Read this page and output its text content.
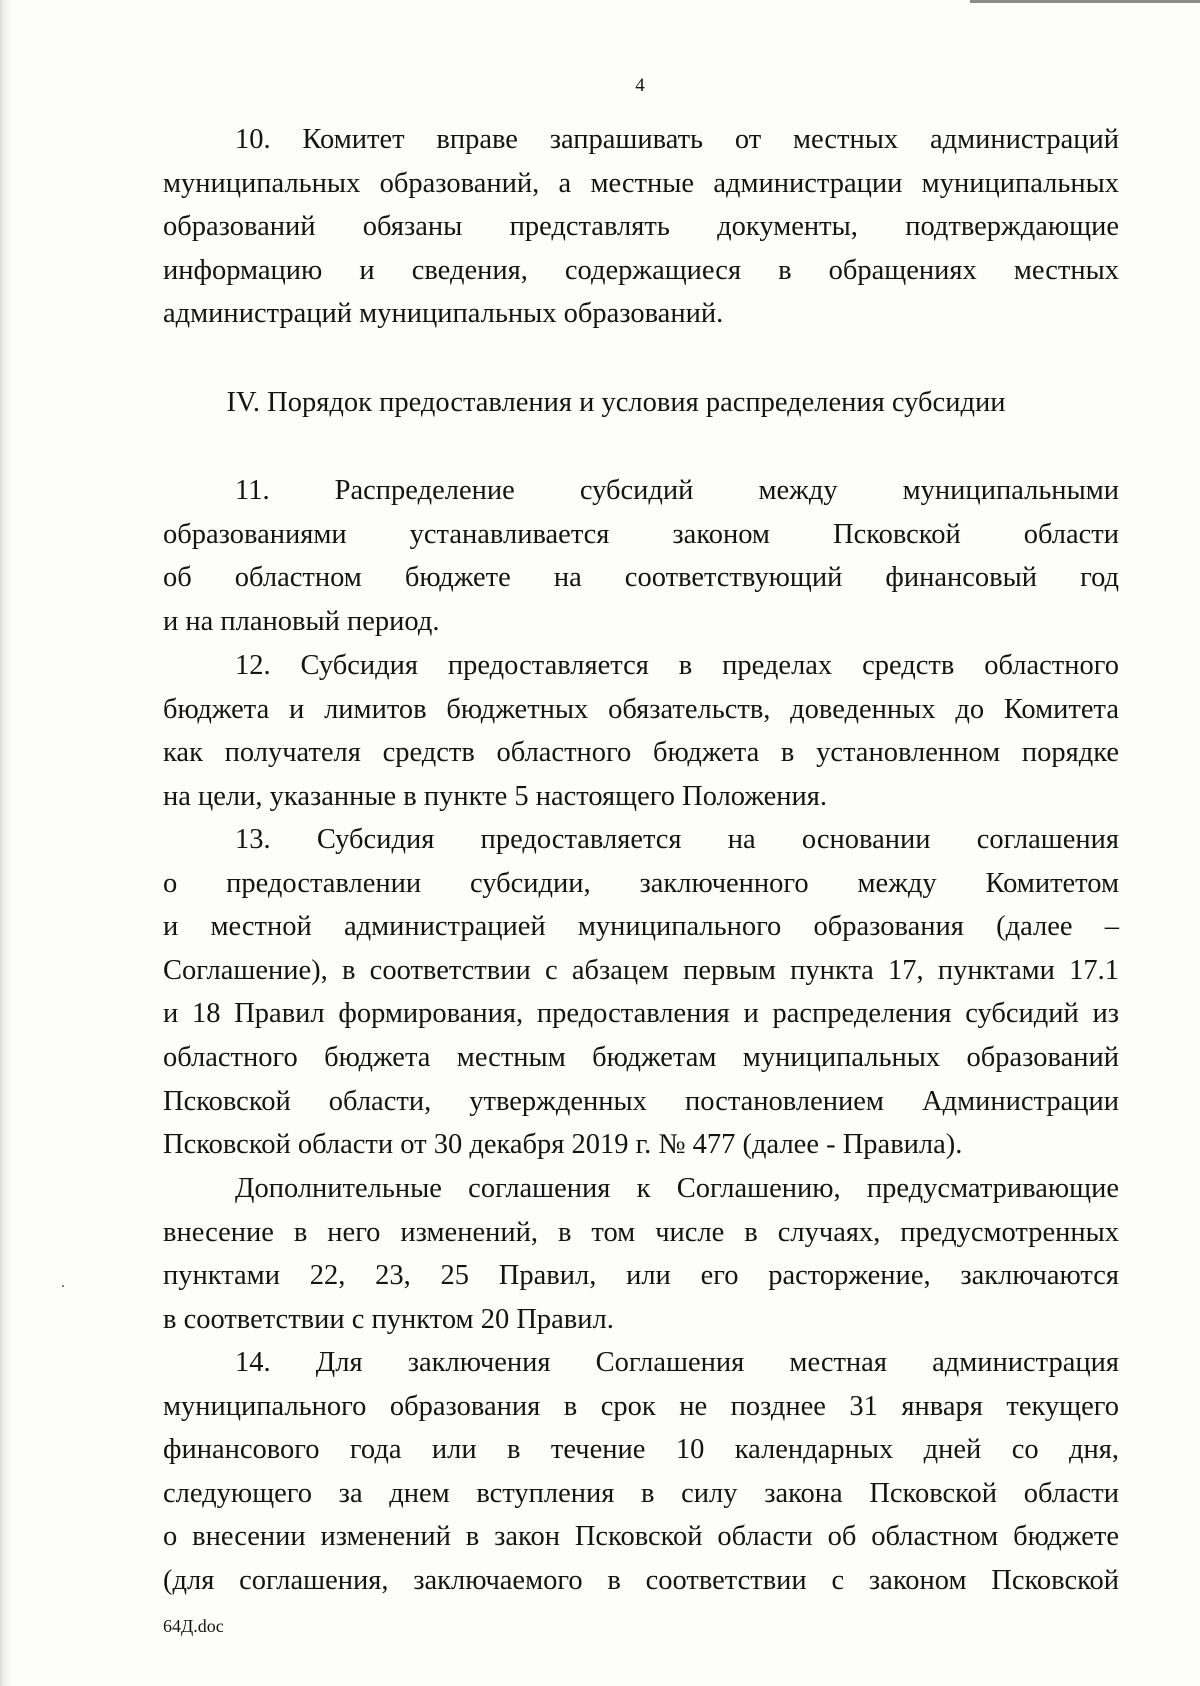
4
10. Комитет вправе запрашивать от местных администраций
муниципальных образований, а местные администрации муниципальных
образований обязаны представлять документы, подтверждающие
информацию и сведения, содержащиеся в обращениях местных
администраций муниципальных образований.
IV. Порядок предоставления и условия распределения субсидии
11. Распределение субсидий между муниципальными
образованиями устанавливается законом Псковской области
об областном бюджете на соответствующий финансовый год
и на плановый период.
12. Субсидия предоставляется в пределах средств областного
бюджета и лимитов бюджетных обязательств, доведенных до Комитета
как получателя средств областного бюджета в установленном порядке
на цели, указанные в пункте 5 настоящего Положения.
13. Субсидия предоставляется на основании соглашения
о предоставлении субсидии, заключенного между Комитетом
и местной администрацией муниципального образования (далее –
Соглашение), в соответствии с абзацем первым пункта 17, пунктами 17.1
и 18 Правил формирования, предоставления и распределения субсидий из
областного бюджета местным бюджетам муниципальных образований
Псковской области, утвержденных постановлением Администрации
Псковской области от 30 декабря 2019 г. № 477 (далее - Правила).
Дополнительные соглашения к Соглашению, предусматривающие
внесение в него изменений, в том числе в случаях, предусмотренных
пунктами 22, 23, 25 Правил, или его расторжение, заключаются
в соответствии с пунктом 20 Правил.
14. Для заключения Соглашения местная администрация
муниципального образования в срок не позднее 31 января текущего
финансового года или в течение 10 календарных дней со дня,
следующего за днем вступления в силу закона Псковской области
о внесении изменений в закон Псковской области об областном бюджете
(для соглашения, заключаемого в соответствии с законом Псковской
64Д.doc
